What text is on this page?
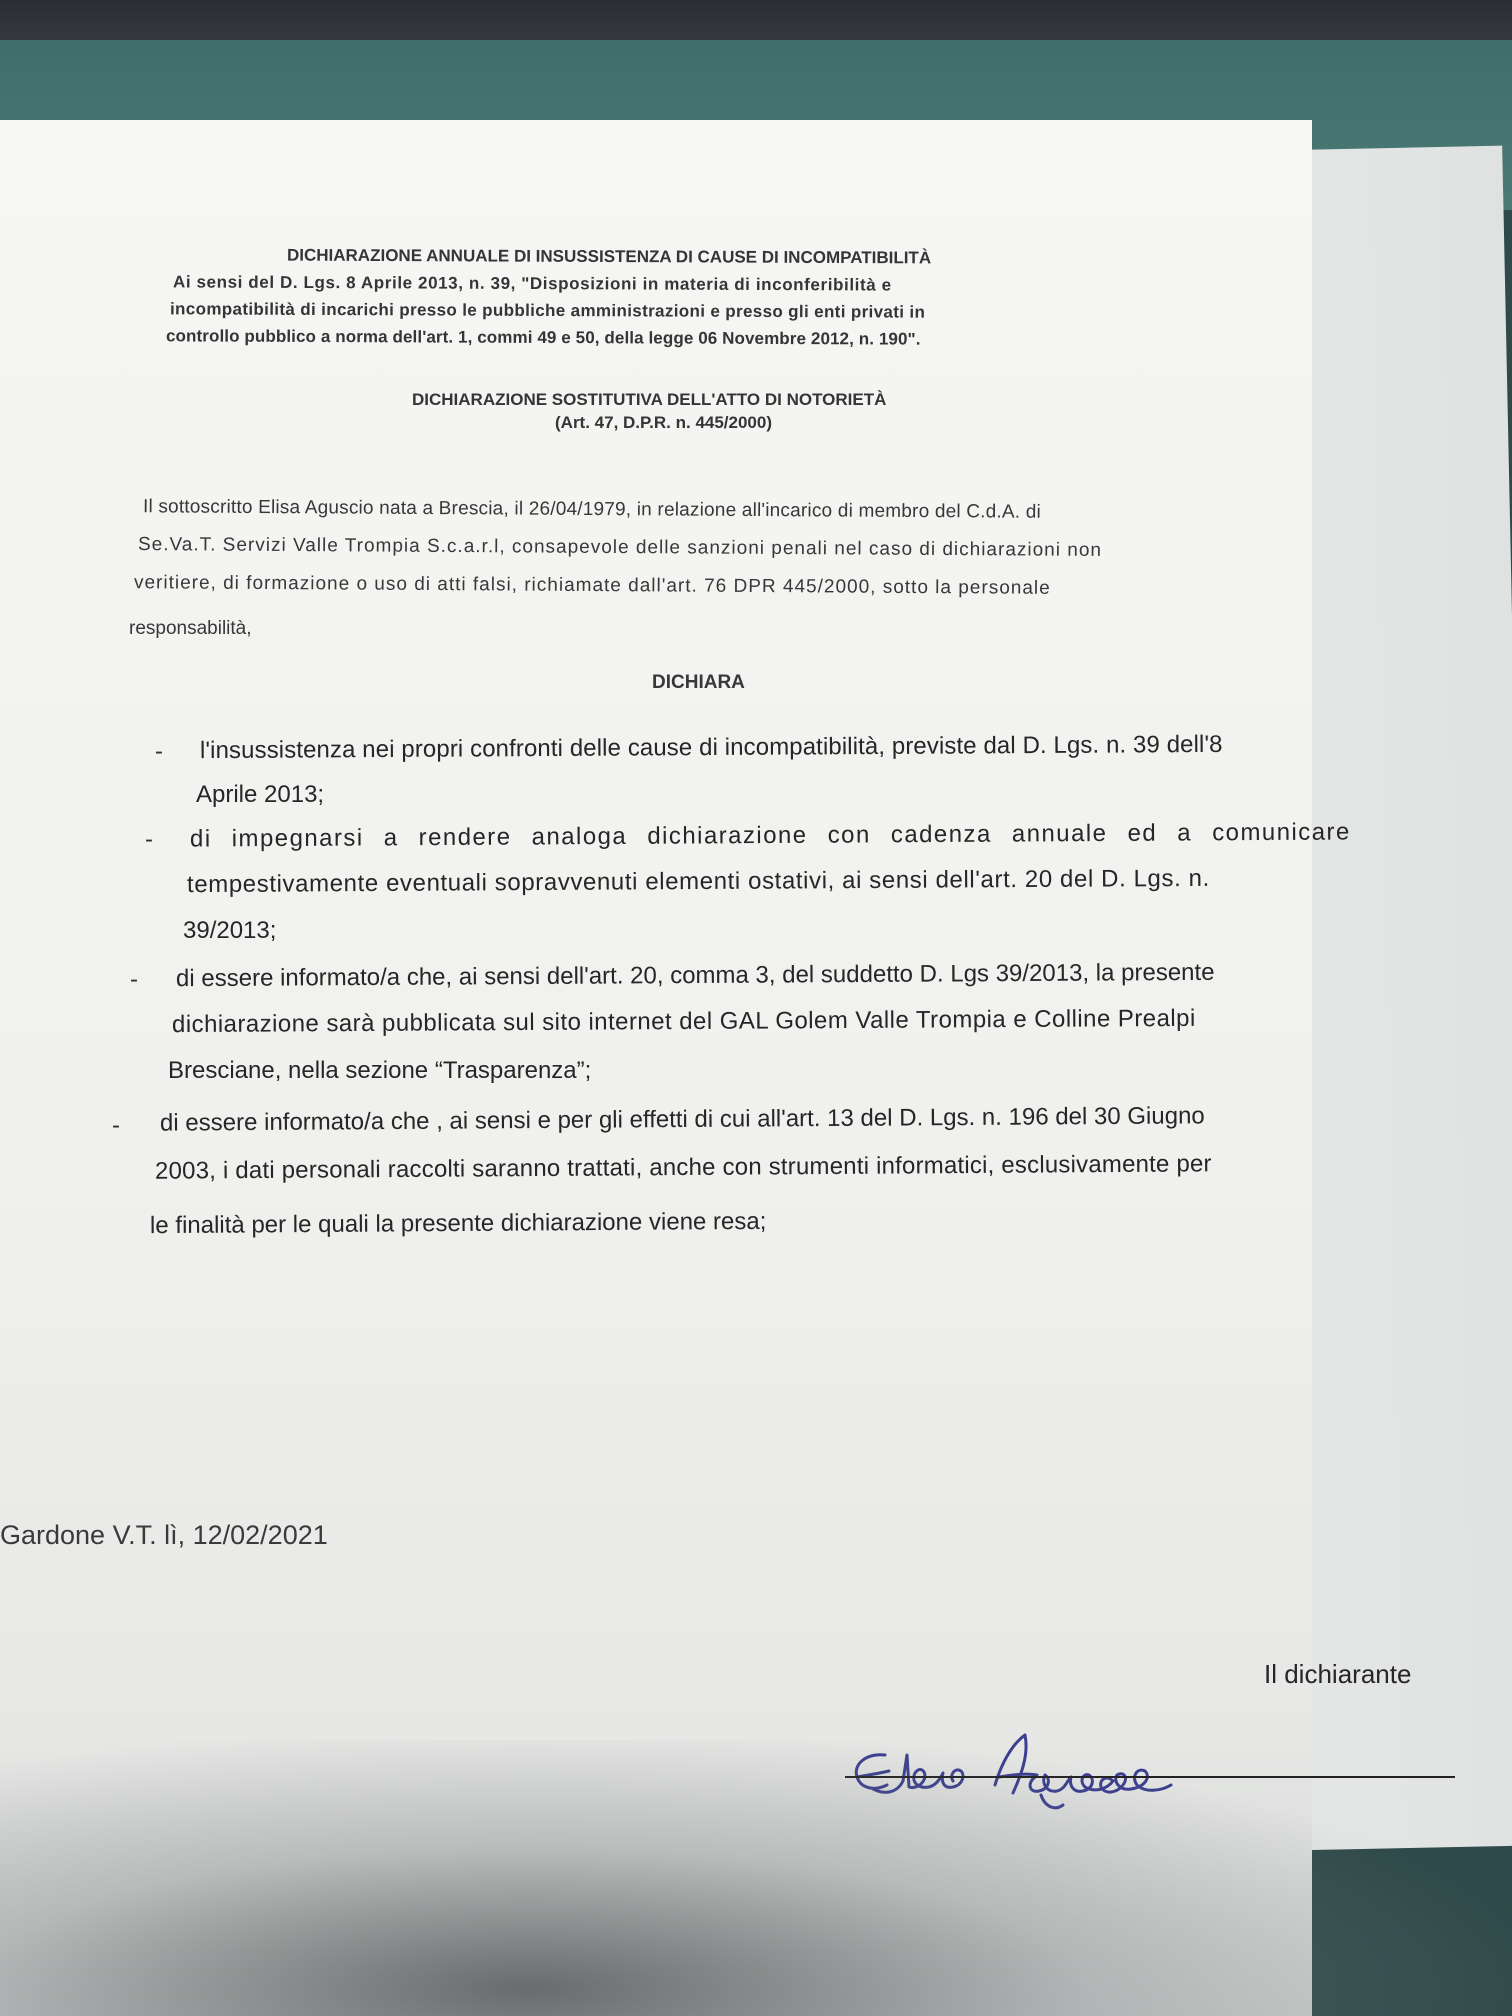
DICHIARAZIONE ANNUALE DI INSUSSISTENZA DI CAUSE DI INCOMPATIBILITÀ
Ai sensi del D. Lgs. 8 Aprile 2013, n. 39, "Disposizioni in materia di inconferibilità e
incompatibilità di incarichi presso le pubbliche amministrazioni e presso gli enti privati in
controllo pubblico a norma dell'art. 1, commi 49 e 50, della legge 06 Novembre 2012, n. 190".
DICHIARAZIONE SOSTITUTIVA DELL'ATTO DI NOTORIETÀ
(Art. 47, D.P.R. n. 445/2000)
Il sottoscritto Elisa Aguscio nata a Brescia, il 26/04/1979, in relazione all'incarico di membro del C.d.A. di
Se.Va.T. Servizi Valle Trompia S.c.a.r.l, consapevole delle sanzioni penali nel caso di dichiarazioni non
veritiere, di formazione o uso di atti falsi, richiamate dall'art. 76 DPR 445/2000, sotto la personale
responsabilità,
DICHIARA
- l'insussistenza nei propri confronti delle cause di incompatibilità, previste dal D. Lgs. n. 39 dell'8
Aprile 2013;
- di impegnarsi a rendere analoga dichiarazione con cadenza annuale ed a comunicare
tempestivamente eventuali sopravvenuti elementi ostativi, ai sensi dell'art. 20 del D. Lgs. n.
39/2013;
- di essere informato/a che, ai sensi dell'art. 20, comma 3, del suddetto D. Lgs 39/2013, la presente
dichiarazione sarà pubblicata sul sito internet del GAL Golem Valle Trompia e Colline Prealpi
Bresciane, nella sezione “Trasparenza”;
- di essere informato/a che , ai sensi e per gli effetti di cui all'art. 13 del D. Lgs. n. 196 del 30 Giugno
2003, i dati personali raccolti saranno trattati, anche con strumenti informatici, esclusivamente per
le finalità per le quali la presente dichiarazione viene resa;
Gardone V.T. lì, 12/02/2021
Il dichiarante
